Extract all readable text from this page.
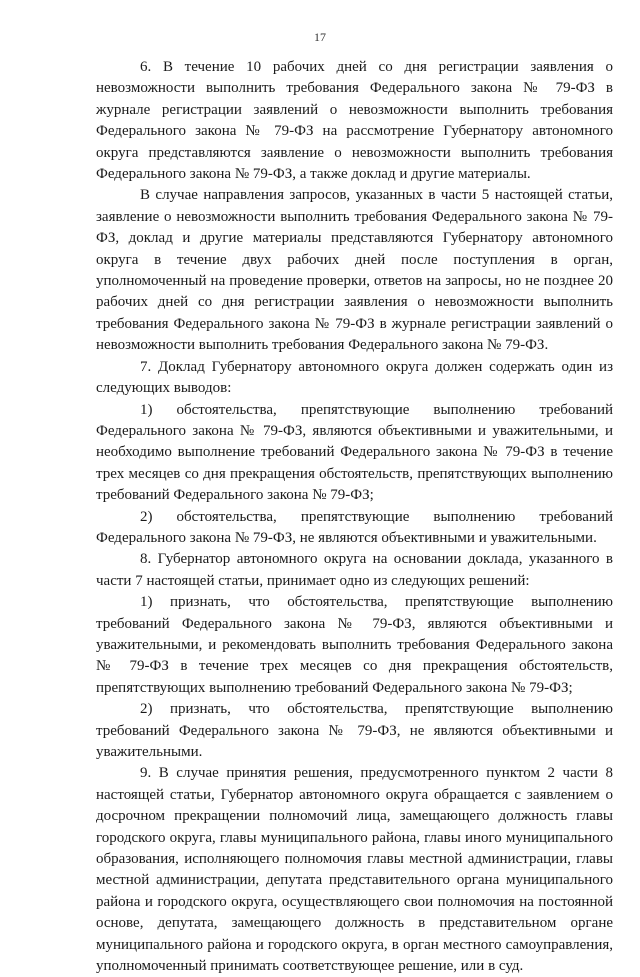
17

6. В течение 10 рабочих дней со дня регистрации заявления о невозможности выполнить требования Федерального закона № 79-ФЗ в журнале регистрации заявлений о невозможности выполнить требования Федерального закона № 79-ФЗ на рассмотрение Губернатору автономного округа представляются заявление о невозможности выполнить требования Федерального закона № 79-ФЗ, а также доклад и другие материалы.

В случае направления запросов, указанных в части 5 настоящей статьи, заявление о невозможности выполнить требования Федерального закона № 79-ФЗ, доклад и другие материалы представляются Губернатору автономного округа в течение двух рабочих дней после поступления в орган, уполномоченный на проведение проверки, ответов на запросы, но не позднее 20 рабочих дней со дня регистрации заявления о невозможности выполнить требования Федерального закона № 79-ФЗ в журнале регистрации заявлений о невозможности выполнить требования Федерального закона № 79-ФЗ.

7. Доклад Губернатору автономного округа должен содержать один из следующих выводов:

1) обстоятельства, препятствующие выполнению требований Федерального закона № 79-ФЗ, являются объективными и уважительными, и необходимо выполнение требований Федерального закона № 79-ФЗ в течение трех месяцев со дня прекращения обстоятельств, препятствующих выполнению требований Федерального закона № 79-ФЗ;

2) обстоятельства, препятствующие выполнению требований Федерального закона № 79-ФЗ, не являются объективными и уважительными.

8. Губернатор автономного округа на основании доклада, указанного в части 7 настоящей статьи, принимает одно из следующих решений:

1) признать, что обстоятельства, препятствующие выполнению требований Федерального закона № 79-ФЗ, являются объективными и уважительными, и рекомендовать выполнить требования Федерального закона № 79-ФЗ в течение трех месяцев со дня прекращения обстоятельств, препятствующих выполнению требований Федерального закона № 79-ФЗ;

2) признать, что обстоятельства, препятствующие выполнению требований Федерального закона № 79-ФЗ, не являются объективными и уважительными.

9. В случае принятия решения, предусмотренного пунктом 2 части 8 настоящей статьи, Губернатор автономного округа обращается с заявлением о досрочном прекращении полномочий лица, замещающего должность главы городского округа, главы муниципального района, главы иного муниципального образования, исполняющего полномочия главы местной администрации, главы местной администрации, депутата представительного органа муниципального района и городского округа, осуществляющего свои полномочия на постоянной основе, депутата, замещающего должность в представительном органе муниципального района и городского округа, в орган местного самоуправления, уполномоченный принимать соответствующее решение, или в суд.
